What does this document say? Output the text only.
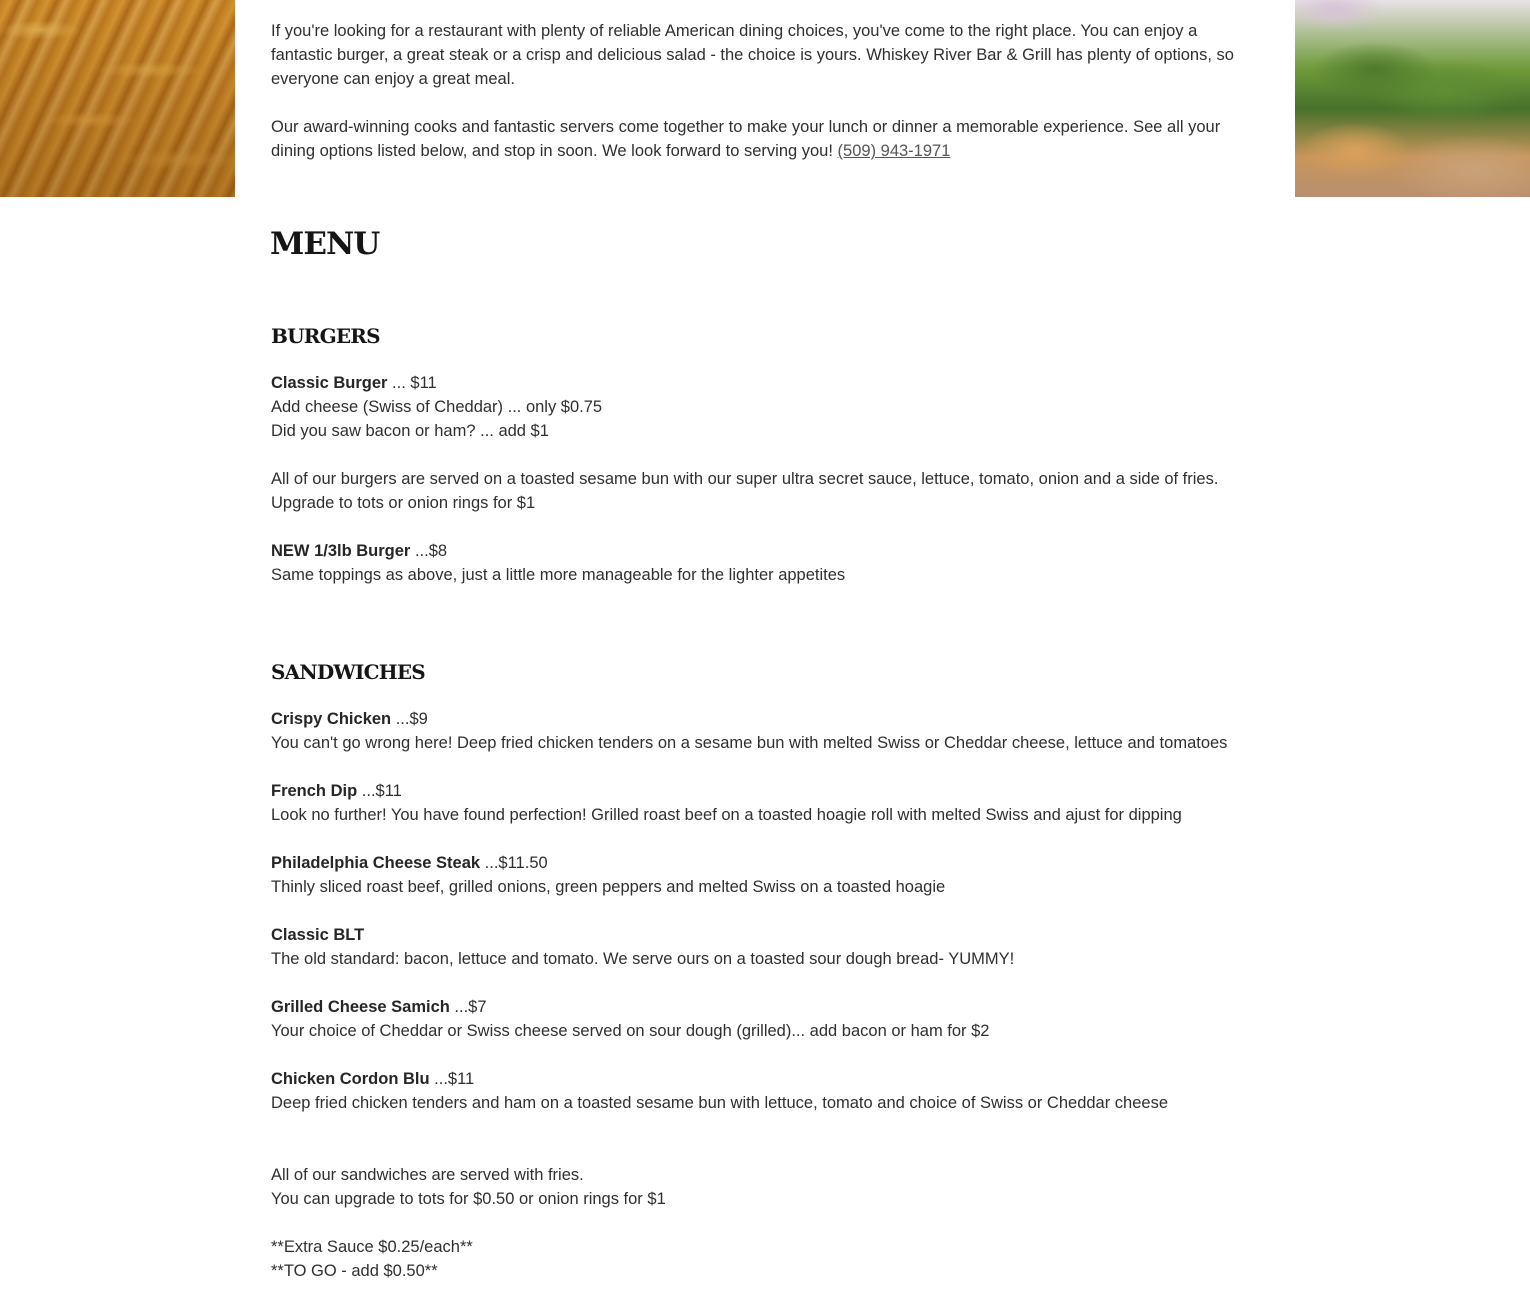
If you're looking for a restaurant with plenty of reliable American dining choices, you've come to the right place. You can enjoy a fantastic burger, a great steak or a crisp and delicious salad - the choice is yours. Whiskey River Bar & Grill has plenty of options, so everyone can enjoy a great meal.

Our award-winning cooks and fantastic servers come together to make your lunch or dinner a memorable experience. See all your dining options listed below, and stop in soon. We look forward to serving you! (509) 943-1971

MENU
BURGERS
Classic Burger ... $11
Add cheese (Swiss of Cheddar) ... only $0.75
Did you saw bacon or ham? ... add $1
All of our burgers are served on a toasted sesame bun with our super ultra secret sauce, lettuce, tomato, onion and a side of fries.
Upgrade to tots or onion rings for $1
NEW 1/3lb Burger ...$8
Same toppings as above, just a little more manageable for the lighter appetites
SANDWICHES
Crispy Chicken ...$9
You can't go wrong here! Deep fried chicken tenders on a sesame bun with melted Swiss or Cheddar cheese, lettuce and tomatoes
French Dip ...$11
Look no further! You have found perfection! Grilled roast beef on a toasted hoagie roll with melted Swiss and ajust for dipping
Philadelphia Cheese Steak ...$11.50
Thinly sliced roast beef, grilled onions, green peppers and melted Swiss on a toasted hoagie
Classic BLT
The old standard: bacon, lettuce and tomato. We serve ours on a toasted sour dough bread- YUMMY!
Grilled Cheese Samich ...$7
Your choice of Cheddar or Swiss cheese served on sour dough (grilled)... add bacon or ham for $2
Chicken Cordon Blu ...$11
Deep fried chicken tenders and ham on a toasted sesame bun with lettuce, tomato and choice of Swiss or Cheddar cheese
All of our sandwiches are served with fries.
You can upgrade to tots for $0.50 or onion rings for $1
**Extra Sauce $0.25/each**
**TO GO - add $0.50**
